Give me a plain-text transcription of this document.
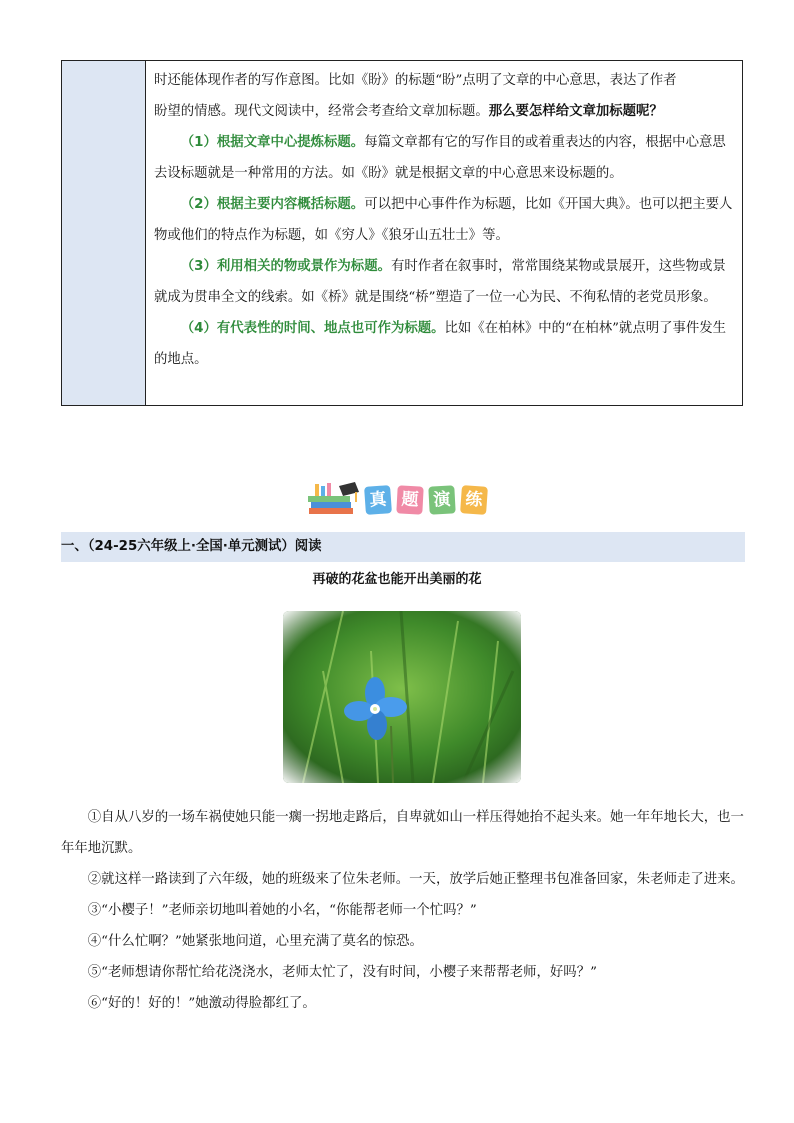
时还能体现作者的写作意图。比如《盼》的标题“盼”点明了文章的中心意思，表达了作者

盼望的情感。现代文阅读中，经常会考查给文章加标题。那么要怎样给文章加标题呢？

（1）根据文章中心提炼标题。每篇文章都有它的写作目的或着重表达的内容，根据中心意思去设标题就是一种常用的方法。如《盼》就是根据文章的中心意思来设标题的。

（2）根据主要内容概括标题。可以把中心事件作为标题，比如《开国大典》。也可以把主要人物或他们的特点作为标题，如《穷人》《狼牙山五壮士》等。

（3）利用相关的物或景作为标题。有时作者在叙事时，常常围绕某物或景展开，这些物或景就成为贯串全文的线索。如《桥》就是围绕“桥”塑造了一位一心为民、不徇私情的老党员形象。

（4）有代表性的时间、地点也可作为标题。比如《在柏林》中的“在柏林”就点明了事件发生的地点。

真 题 演 练
一、（24-25六年级上·全国·单元测试）阅读
再破的花盆也能开出美丽的花

①自从八岁的一场车祸使她只能一瘸一拐地走路后，自卑就如山一样压得她抬不起头来。她一年年地长大，也一年年地沉默。

②就这样一路读到了六年级，她的班级来了位朱老师。一天，放学后她正整理书包准备回家，朱老师走了进来。

③“小樱子！”老师亲切地叫着她的小名，“你能帮老师一个忙吗？”

④“什么忙啊？”她紧张地问道，心里充满了莫名的惊恐。

⑤“老师想请你帮忙给花浇浇水，老师太忙了，没有时间，小樱子来帮帮老师，好吗？”

⑥“好的！好的！”她激动得脸都红了。
